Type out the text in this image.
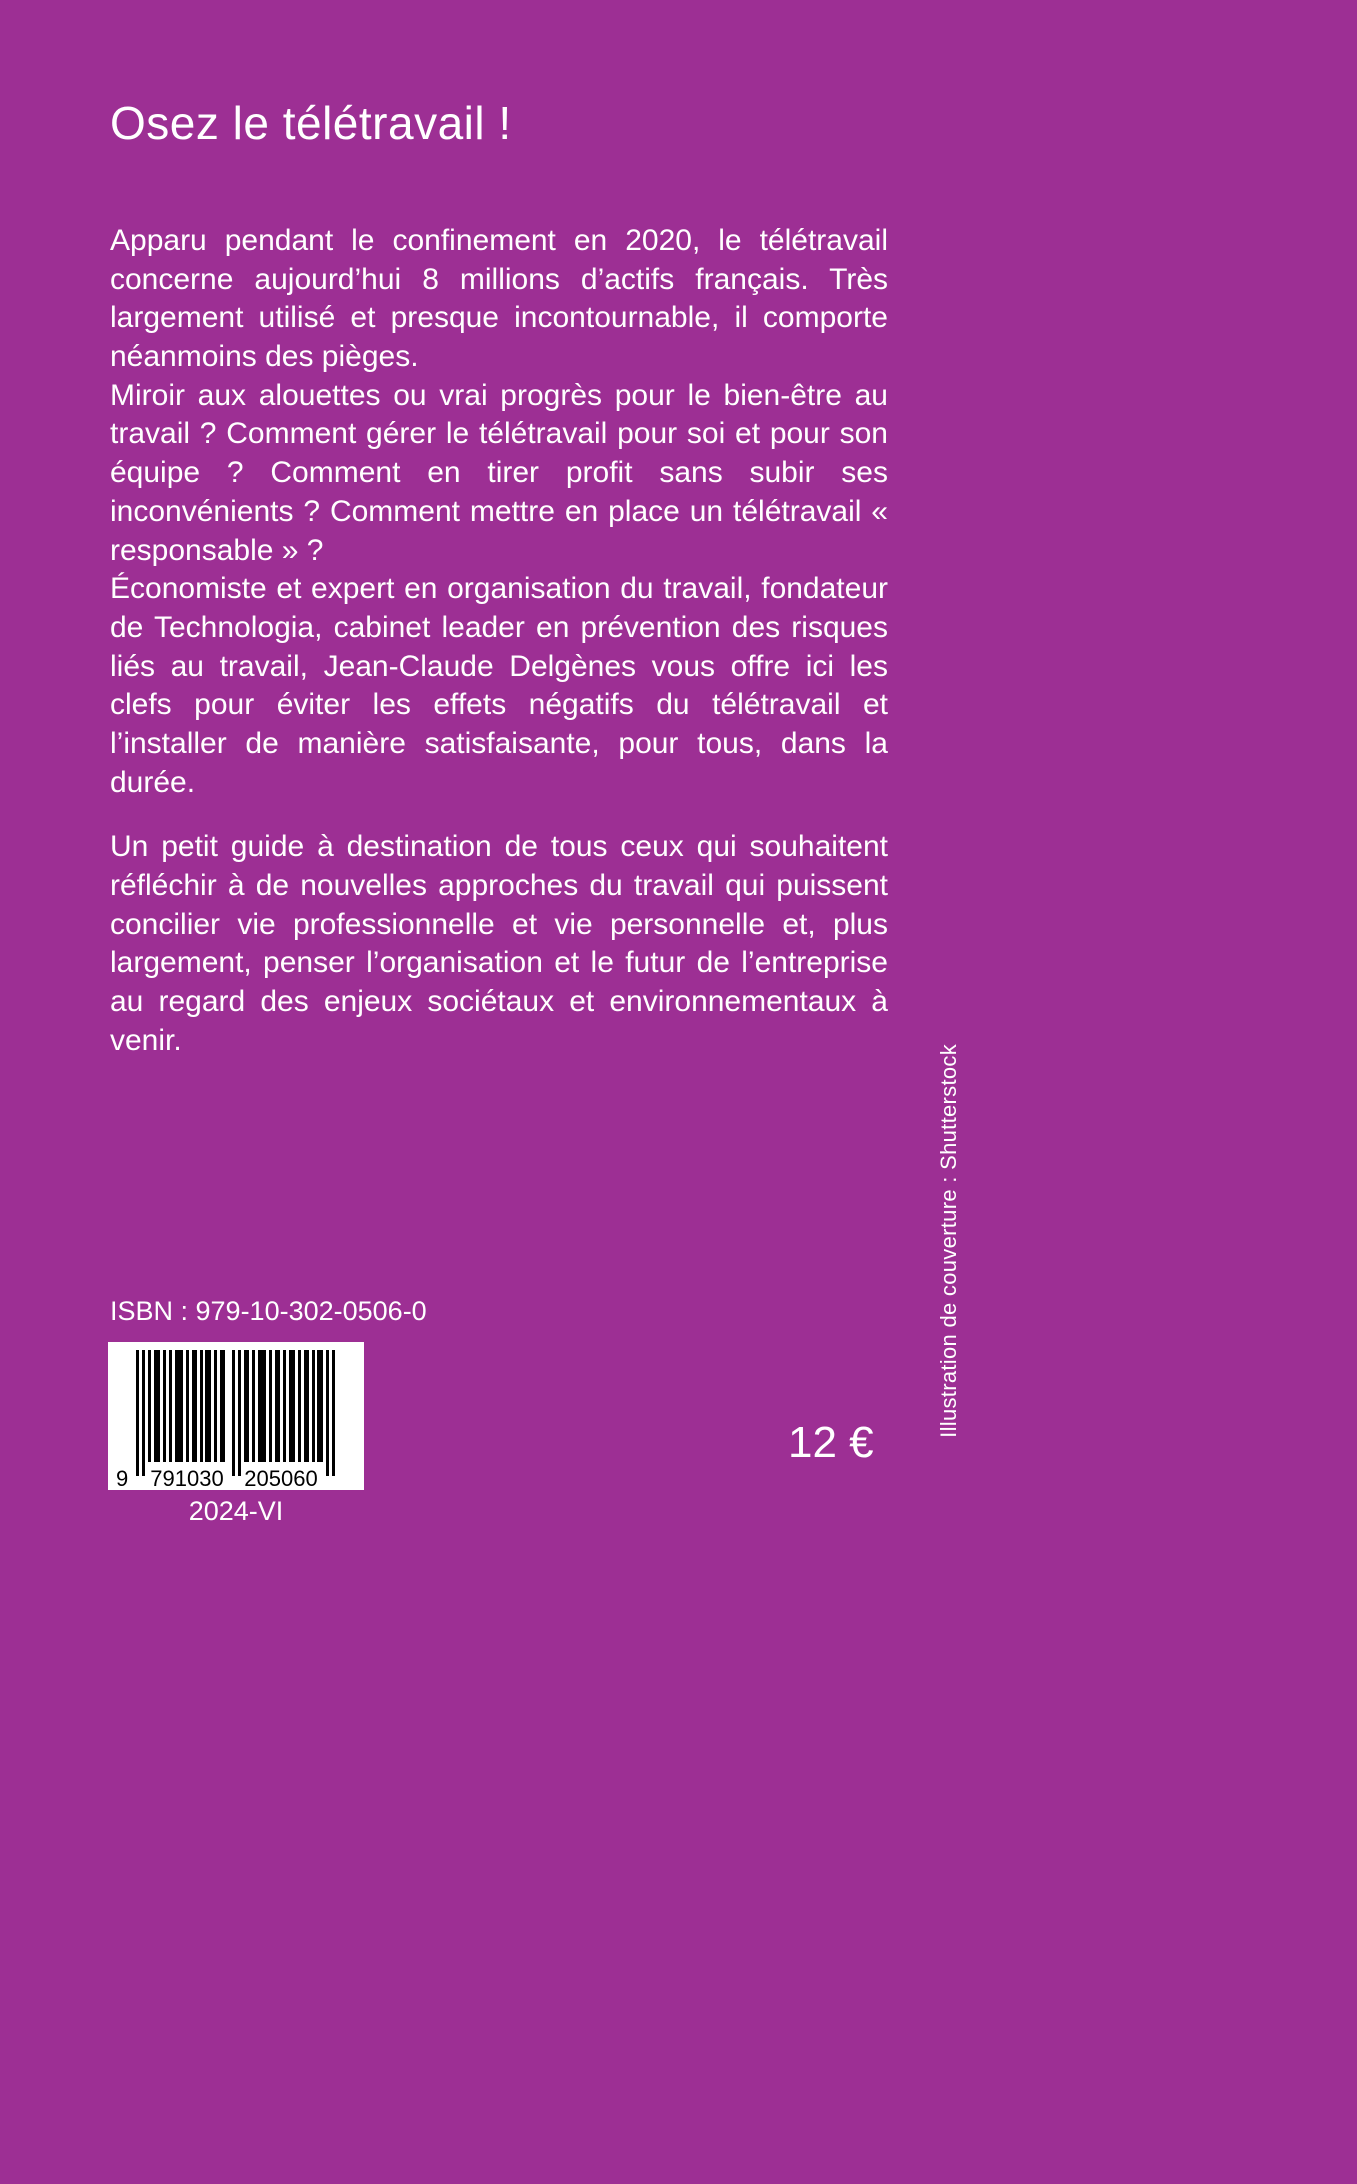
Osez le télétravail !

Apparu pendant le confinement en 2020, le télétravail concerne aujourd’hui 8 millions d’actifs français. Très largement utilisé et presque incontournable, il comporte néanmoins des pièges.

Miroir aux alouettes ou vrai progrès pour le bien-être au travail ? Comment gérer le télétravail pour soi et pour son équipe ? Comment en tirer profit sans subir ses inconvénients ? Comment mettre en place un télétravail « responsable » ?

Économiste et expert en organisation du travail, fondateur de Technologia, cabinet leader en prévention des risques liés au travail, Jean-Claude Delgènes vous offre ici les clefs pour éviter les effets négatifs du télétravail et l’installer de manière satisfaisante, pour tous, dans la durée.

Un petit guide à destination de tous ceux qui souhaitent réfléchir à de nouvelles approches du travail qui puissent concilier vie professionnelle et vie personnelle et, plus largement, penser l’organisation et le futur de l’entreprise au regard des enjeux sociétaux et environnementaux à venir.

ISBN : 979-10-302-0506-0
9 791030 205060
2024-VI
12 €
Illustration de couverture : Shutterstock
